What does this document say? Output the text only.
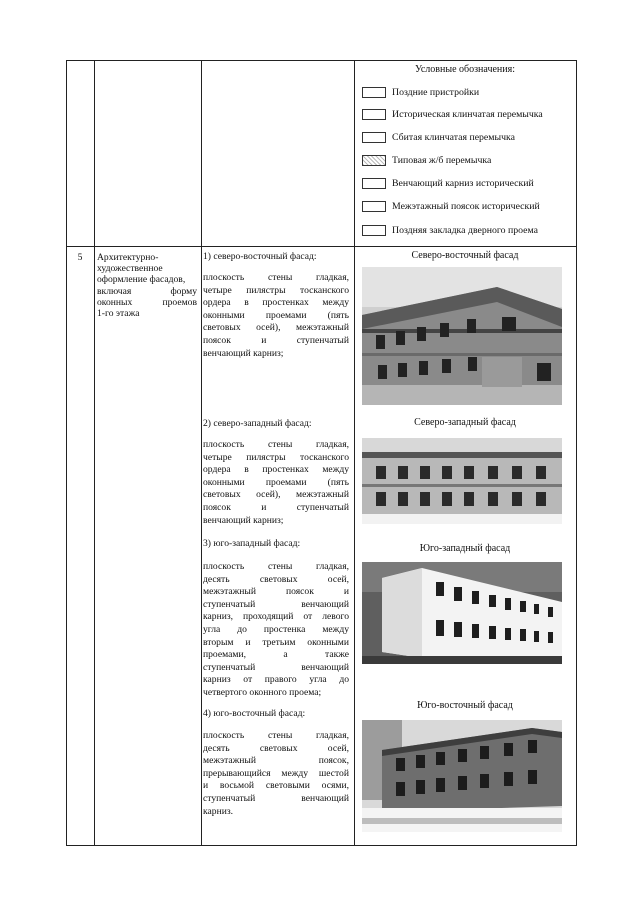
Условные обозначения:
Поздние пристройки
Историческая клинчатая перемычка
Сбитая клинчатая перемычка
Типовая ж/б перемычка
Венчающий карниз исторический
Межэтажный поясок исторический
Поздняя закладка дверного проема
5	Архитектурно-
художественное
оформление фасадов,
включая форму
оконных проемов
1-го этажа
1) северо-восточный фасад:
плоскость стены гладкая,
четыре пилястры тосканского
ордера в простенках между
оконными проемами (пять
световых осей), межэтажный
поясок и ступенчатый
венчающий карниз;
2) северо-западный фасад:
плоскость стены гладкая,
четыре пилястры тосканского
ордера в простенках между
оконными проемами (пять
световых осей), межэтажный
поясок и ступенчатый
венчающий карниз;
3) юго-западный фасад:
плоскость стены гладкая,
десять световых осей,
межэтажный поясок и
ступенчатый венчающий
карниз, проходящий от левого
угла до простенка между
вторым и третьим оконными
проемами, а также
ступенчатый венчающий
карниз от правого угла до
четвертого оконного проема;
4) юго-восточный фасад:
плоскость стены гладкая,
десять световых осей,
межэтажный поясок,
прерывающийся между шестой
и восьмой световыми осями,
ступенчатый венчающий
карниз.
Северо-восточный фасад
Северо-западный фасад
Юго-западный фасад
Юго-восточный фасад
